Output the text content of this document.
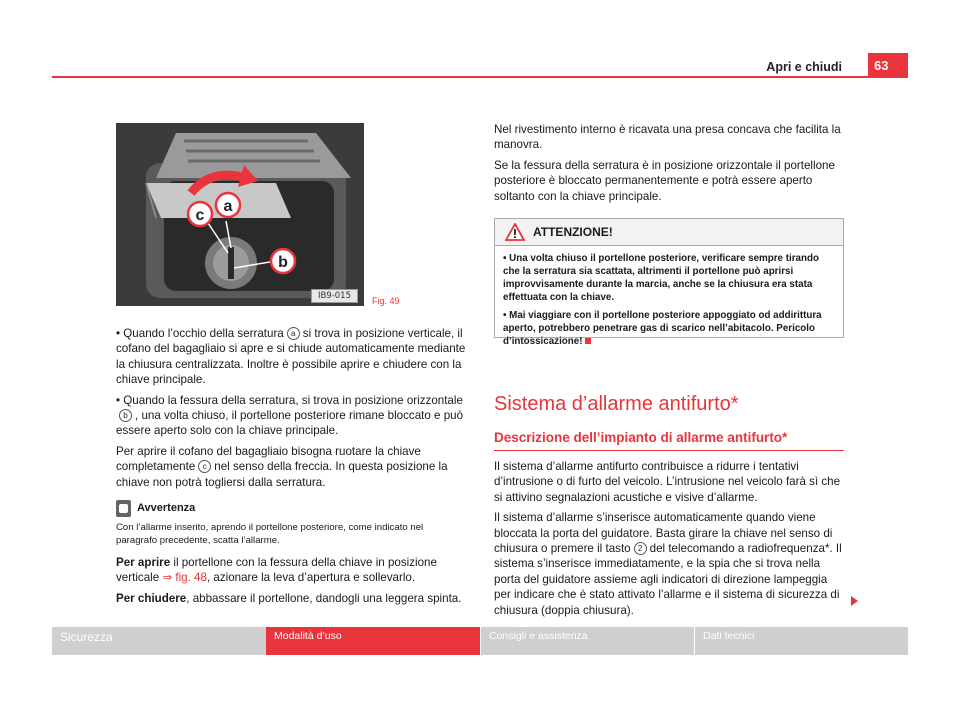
Apri e chiudi	63
a
c
b
IB9-015	Fig. 49

• Quando l’occhio della serratura a si trova in posizione verticale, il cofano del bagagliaio si apre e si chiude automaticamente mediante la chiusura centralizzata. Inoltre è possibile aprire e chiudere con la chiave principale.

• Quando la fessura della serratura, si trova in posizione orizzontaleb , una volta chiuso, il portellone posteriore rimane bloccato e può essere aperto solo con la chiave principale.

Per aprire il cofano del bagagliaio bisogna ruotare la chiave completamente c nel senso della freccia. In questa posizione la chiave non potrà togliersi dalla serratura.

Avvertenza
Con l’allarme inserito, aprendo il portellone posteriore, come indicato nel paragrafo precedente, scatta l’allarme.

Per aprire il portellone con la fessura della chiave in posizione verticale ⇒ fig. 48, azionare la leva d’apertura e sollevarlo.

Per chiudere, abbassare il portellone, dandogli una leggera spinta.

Nel rivestimento interno è ricavata una presa concava che facilita la manovra.

Se la fessura della serratura è in posizione orizzontale il portellone posteriore è bloccato permanentemente e potrà essere aperto soltanto con la chiave principale.

ATTENZIONE!

• Una volta chiuso il portellone posteriore, verificare sempre tirando che la serratura sia scattata, altrimenti il portellone può aprirsi improvvisamente durante la marcia, anche se la chiusura era stata effettuata con la chiave.

• Mai viaggiare con il portellone posteriore appoggiato od addirittura aperto, potrebbero penetrare gas di scarico nell’abitacolo. Pericolo d’intossicazione!

Sistema d’allarme antifurto*
Descrizione dell’impianto di allarme antifurto*

Il sistema d’allarme antifurto contribuisce a ridurre i tentativi d’intrusione o di furto del veicolo. L’intrusione nel veicolo farà sì che si attivino segnalazioni acustiche e visive d’allarme.

Il sistema d’allarme s’inserisce automaticamente quando viene bloccata la porta del guidatore. Basta girare la chiave nel senso di chiusura o premere il tasto 2 del telecomando a radiofrequenza*. Il sistema s’inserisce immediatamente, e la spia che si trova nella porta del guidatore assieme agli indicatori di direzione lampeggia per indicare che è stato attivato l’allarme e il sistema di sicurezza di chiusura (doppia chiusura).

Sicurezza	Modalità d’uso	Consigli e assistenza	Dati tecnici
